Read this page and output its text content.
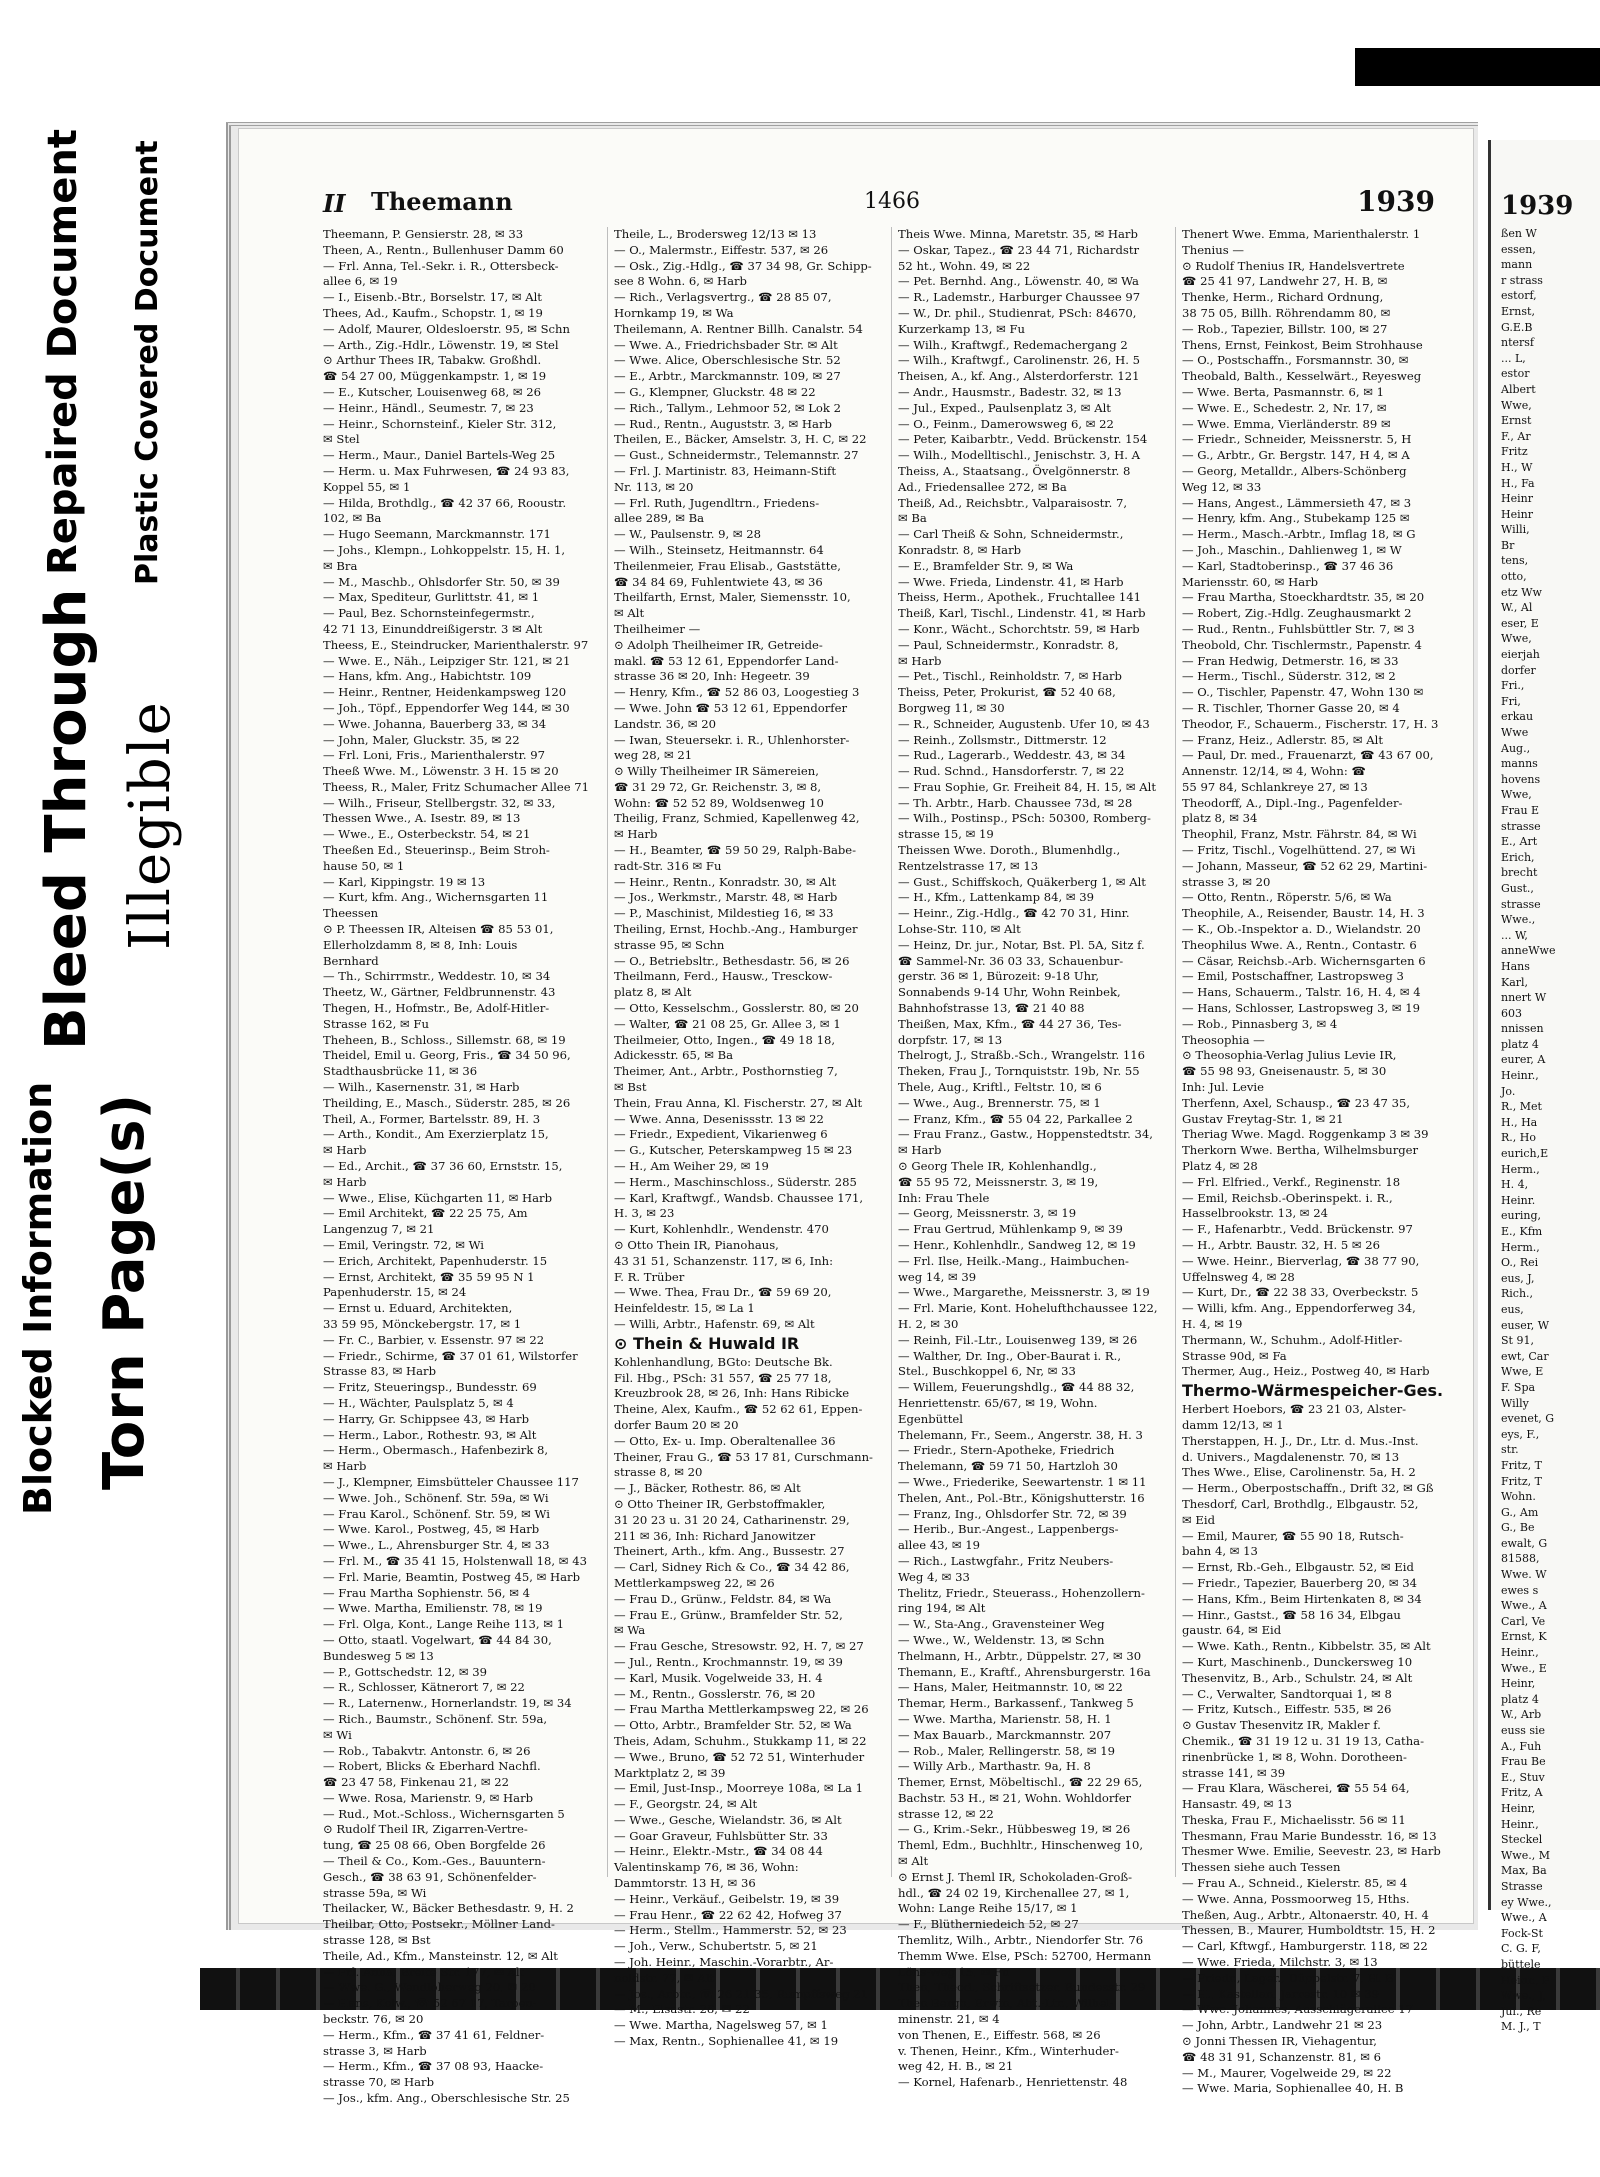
Blocked Information Torn Page(s)
Bleed Through Illegible
Repaired Document Plastic Covered Document	II Theemann	1466	1939
Theemann, P. Gensierstr. 28, ✉ 33
Theen, A., Rentn., Bullenhuser Damm 60
— Frl. Anna, Tel.-Sekr. i. R., Ottersbeck-
allee 6, ✉ 19
— I., Eisenb.-Btr., Borselstr. 17, ✉ Alt
Thees, Ad., Kaufm., Schopstr. 1, ✉ 19
— Adolf, Maurer, Oldesloerstr. 95, ✉ Schn
— Arth., Zig.-Hdlr., Löwenstr. 19, ✉ Stel
⊙ Arthur Thees IR, Tabakw. Großhdl.
☎ 54 27 00, Müggenkampstr. 1, ✉ 19
— E., Kutscher, Louisenweg 68, ✉ 26
— Heinr., Händl., Seumestr. 7, ✉ 23
— Heinr., Schornsteinf., Kieler Str. 312,
✉ Stel
— Herm., Maur., Daniel Bartels-Weg 25
— Herm. u. Max Fuhrwesen, ☎ 24 93 83,
Koppel 55, ✉ 1
— Hilda, Brothdlg., ☎ 42 37 66, Rooustr.
102, ✉ Ba
— Hugo Seemann, Marckmannstr. 171
— Johs., Klempn., Lohkoppelstr. 15, H. 1,
✉ Bra
— M., Maschb., Ohlsdorfer Str. 50, ✉ 39
— Max, Spediteur, Gurlittstr. 41, ✉ 1
— Paul, Bez. Schornsteinfegermstr.,
42 71 13, Einunddreißigerstr. 3 ✉ Alt
Theess, E., Steindrucker, Marienthalerstr. 97
— Wwe. E., Näh., Leipziger Str. 121, ✉ 21
— Hans, kfm. Ang., Habichtstr. 109
— Heinr., Rentner, Heidenkampsweg 120
— Joh., Töpf., Eppendorfer Weg 144, ✉ 30
— Wwe. Johanna, Bauerberg 33, ✉ 34
— John, Maler, Gluckstr. 35, ✉ 22
— Frl. Loni, Fris., Marienthalerstr. 97
Theeß Wwe. M., Löwenstr. 3 H. 15 ✉ 20
Theess, R., Maler, Fritz Schumacher Allee 71
— Wilh., Friseur, Stellbergstr. 32, ✉ 33,
Thessen Wwe., A. Isestr. 89, ✉ 13
— Wwe., E., Osterbeckstr. 54, ✉ 21
Theeßen Ed., Steuerinsp., Beim Stroh-
hause 50, ✉ 1
— Karl, Kippingstr. 19 ✉ 13
— Kurt, kfm. Ang., Wichernsgarten 11
Theessen
⊙ P. Theessen IR, Alteisen ☎ 85 53 01,
Ellerholzdamm 8, ✉ 8, Inh: Louis
Bernhard
— Th., Schirrmstr., Weddestr. 10, ✉ 34
Theetz, W., Gärtner, Feldbrunnenstr. 43
Thegen, H., Hofmstr., Be, Adolf-Hitler-
Strasse 162, ✉ Fu
Theheen, B., Schloss., Sillemstr. 68, ✉ 19
Theidel, Emil u. Georg, Fris., ☎ 34 50 96,
Stadthausbrücke 11, ✉ 36
— Wilh., Kasernenstr. 31, ✉ Harb
Theilding, E., Masch., Süderstr. 285, ✉ 26
Theil, A., Former, Bartelsstr. 89, H. 3
— Arth., Kondit., Am Exerzierplatz 15,
✉ Harb
— Ed., Archit., ☎ 37 36 60, Ernststr. 15,
✉ Harb
— Wwe., Elise, Küchgarten 11, ✉ Harb
— Emil Architekt, ☎ 22 25 75, Am
Langenzug 7, ✉ 21
— Emil, Veringstr. 72, ✉ Wi
— Erich, Architekt, Papenhuderstr. 15
— Ernst, Architekt, ☎ 35 59 95 N 1
Papenhuderstr. 15, ✉ 24
— Ernst u. Eduard, Architekten,
33 59 95, Mönckebergstr. 17, ✉ 1
— Fr. C., Barbier, v. Essenstr. 97 ✉ 22
— Friedr., Schirme, ☎ 37 01 61, Wilstorfer
Strasse 83, ✉ Harb
— Fritz, Steueringsp., Bundesstr. 69
— H., Wächter, Paulsplatz 5, ✉ 4
— Harry, Gr. Schippsee 43, ✉ Harb
— Herm., Labor., Rothestr. 93, ✉ Alt
— Herm., Obermasch., Hafenbezirk 8,
✉ Harb
— J., Klempner, Eimsbütteler Chaussee 117
— Wwe. Joh., Schönenf. Str. 59a, ✉ Wi
— Frau Karol., Schönenf. Str. 59, ✉ Wi
— Wwe. Karol., Postweg, 45, ✉ Harb
— Wwe., L., Ahrensburger Str. 4, ✉ 33
— Frl. M., ☎ 35 41 15, Holstenwall 18, ✉ 43
— Frl. Marie, Beamtin, Postweg 45, ✉ Harb
— Frau Martha Sophienstr. 56, ✉ 4
— Wwe. Martha, Emilienstr. 78, ✉ 19
— Frl. Olga, Kont., Lange Reihe 113, ✉ 1
— Otto, staatl. Vogelwart, ☎ 44 84 30,
Bundesweg 5 ✉ 13
— P., Gottschedstr. 12, ✉ 39
— R., Schlosser, Kätnerort 7, ✉ 22
— R., Laternenw., Hornerlandstr. 19, ✉ 34
— Rich., Baumstr., Schönenf. Str. 59a,
✉ Wi
— Rob., Tabakvtr. Antonstr. 6, ✉ 26
— Robert, Blicks & Eberhard Nachfl.
☎ 23 47 58, Finkenau 21, ✉ 22
— Wwe. Rosa, Marienstr. 9, ✉ Harb
— Rud., Mot.-Schloss., Wichernsgarten 5
⊙ Rudolf Theil IR, Zigarren-Vertre-
tung, ☎ 25 08 66, Oben Borgfelde 26
— Theil & Co., Kom.-Ges., Bauuntern-
Gesch., ☎ 38 63 91, Schönenfelder-
strasse 59a, ✉ Wi
Theilacker, W., Bäcker Bethesdastr. 9, H. 2
Theilbar, Otto, Postsekr., Möllner Land-
strasse 128, ✉ Bst
Theile, Ad., Kfm., Mansteinstr. 12, ✉ Alt
— Frl. Anna, Breite Str. 177, ✉ Alt
— Wwe. G., Wendloherweg 20, ✉ 20
— Hans, Kolw., ☎ 52 67 17, Tarpen-
beckstr. 76, ✉ 20
— Herm., Kfm., ☎ 37 41 61, Feldner-
strasse 3, ✉ Harb
— Herm., Kfm., ☎ 37 08 93, Haacke-
strasse 70, ✉ Harb
— Jos., kfm. Ang., Oberschlesische Str. 25
Theile, L., Brodersweg 12/13 ✉ 13
— O., Malermstr., Eiffestr. 537, ✉ 26
— Osk., Zig.-Hdlg., ☎ 37 34 98, Gr. Schipp-
see 8 Wohn. 6, ✉ Harb
— Rich., Verlagsvertrg., ☎ 28 85 07,
Hornkamp 19, ✉ Wa
Theilemann, A. Rentner Billh. Canalstr. 54
— Wwe. A., Friedrichsbader Str. ✉ Alt
— Wwe. Alice, Oberschlesische Str. 52
— E., Arbtr., Marckmannstr. 109, ✉ 27
— G., Klempner, Gluckstr. 48 ✉ 22
— Rich., Tallym., Lehmoor 52, ✉ Lok 2
— Rud., Rentn., Auguststr. 3, ✉ Harb
Theilen, E., Bäcker, Amselstr. 3, H. C, ✉ 22
— Gust., Schneidermstr., Telemannstr. 27
— Frl. J. Martinistr. 83, Heimann-Stift
Nr. 113, ✉ 20
— Frl. Ruth, Jugendltrn., Friedens-
allee 289, ✉ Ba
— W., Paulsenstr. 9, ✉ 28
— Wilh., Steinsetz, Heitmannstr. 64
Theilenmeier, Frau Elisab., Gaststätte,
☎ 34 84 69, Fuhlentwiete 43, ✉ 36
Theilfarth, Ernst, Maler, Siemensstr. 10,
✉ Alt
Theilheimer —
⊙ Adolph Theilheimer IR, Getreide-
makl. ☎ 53 12 61, Eppendorfer Land-
strasse 36 ✉ 20, Inh: Hegeetr. 39
— Henry, Kfm., ☎ 52 86 03, Loogestieg 3
— Wwe. John ☎ 53 12 61, Eppendorfer
Landstr. 36, ✉ 20
— Iwan, Steuersekr. i. R., Uhlenhorster-
weg 28, ✉ 21
⊙ Willy Theilheimer IR Sämereien,
☎ 31 29 72, Gr. Reichenstr. 3, ✉ 8,
Wohn: ☎ 52 52 89, Woldsenweg 10
Theilig, Franz, Schmied, Kapellenweg 42,
✉ Harb
— H., Beamter, ☎ 59 50 29, Ralph-Babe-
radt-Str. 316 ✉ Fu
— Heinr., Rentn., Konradstr. 30, ✉ Alt
— Jos., Werkmstr., Marstr. 48, ✉ Harb
— P., Maschinist, Mildestieg 16, ✉ 33
Theiling, Ernst, Hochb.-Ang., Hamburger
strasse 95, ✉ Schn
— O., Betriebsltr., Bethesdastr. 56, ✉ 26
Theilmann, Ferd., Hausw., Tresckow-
platz 8, ✉ Alt
— Otto, Kesselschm., Gosslerstr. 80, ✉ 20
— Walter, ☎ 21 08 25, Gr. Allee 3, ✉ 1
Theilmeier, Otto, Ingen., ☎ 49 18 18,
Adickesstr. 65, ✉ Ba
Theimer, Ant., Arbtr., Posthornstieg 7,
✉ Bst
Thein, Frau Anna, Kl. Fischerstr. 27, ✉ Alt
— Wwe. Anna, Desenissstr. 13 ✉ 22
— Friedr., Expedient, Vikarienweg 6
— G., Kutscher, Peterskampweg 15 ✉ 23
— H., Am Weiher 29, ✉ 19
— Herm., Maschinschloss., Süderstr. 285
— Karl, Kraftwgf., Wandsb. Chaussee 171,
H. 3, ✉ 23
— Kurt, Kohlenhdlr., Wendenstr. 470
⊙ Otto Thein IR, Pianohaus,
43 31 51, Schanzenstr. 117, ✉ 6, Inh:
F. R. Trüber
— Wwe. Thea, Frau Dr., ☎ 59 69 20,
Heinfeldestr. 15, ✉ La 1
— Willi, Arbtr., Hafenstr. 69, ✉ Alt
⊙ Thein & Huwald IR
Kohlenhandlung, BGto: Deutsche Bk.
Fil. Hbg., PSch: 31 557, ☎ 25 77 18,
Kreuzbrook 28, ✉ 26, Inh: Hans Ribicke
Theine, Alex, Kaufm., ☎ 52 62 61, Eppen-
dorfer Baum 20 ✉ 20
— Otto, Ex- u. Imp. Oberaltenallee 36
Theiner, Frau G., ☎ 53 17 81, Curschmann-
strasse 8, ✉ 20
— J., Bäcker, Rothestr. 86, ✉ Alt
⊙ Otto Theiner IR, Gerbstoffmakler,
31 20 23 u. 31 20 24, Catharinenstr. 29,
211 ✉ 36, Inh: Richard Janowitzer
Theinert, Arth., kfm. Ang., Bussestr. 27
— Carl, Sidney Rich & Co., ☎ 34 42 86,
Mettlerkampsweg 22, ✉ 26
— Frau D., Grünw., Feldstr. 84, ✉ Wa
— Frau E., Grünw., Bramfelder Str. 52,
✉ Wa
— Frau Gesche, Stresowstr. 92, H. 7, ✉ 27
— Jul., Rentn., Krochmannstr. 19, ✉ 39
— Karl, Musik. Vogelweide 33, H. 4
— M., Rentn., Gosslerstr. 76, ✉ 20
— Frau Martha Mettlerkampsweg 22, ✉ 26
— Otto, Arbtr., Bramfelder Str. 52, ✉ Wa
Theis, Adam, Schuhm., Stukkamp 11, ✉ 22
— Wwe., Bruno, ☎ 52 72 51, Winterhuder
Marktplatz 2, ✉ 39
— Emil, Just-Insp., Moorreye 108a, ✉ La 1
— F., Georgstr. 24, ✉ Alt
— Wwe., Gesche, Wielandstr. 36, ✉ Alt
— Goar Graveur, Fuhlsbütter Str. 33
— Heinr., Elektr.-Mstr., ☎ 34 08 44
Valentinskamp 76, ✉ 36, Wohn:
Dammtorstr. 13 H, ✉ 36
— Heinr., Verkäuf., Geibelstr. 19, ✉ 39
— Frau Henr., ☎ 22 62 42, Hofweg 37
— Herm., Stellm., Hammerstr. 52, ✉ 23
— Joh., Verw., Schubertstr. 5, ✉ 21
— Joh. Heinr., Maschin.-Vorarbtr., Ar-
noldstr. 77, ✉ Alt
— Jos., Arbtr., ☎ 26 21 35, Rumpffsweg 21
— M., Elsastr. 28, ✉ 22
— Wwe. Martha, Nagelsweg 57, ✉ 1
— Max, Rentn., Sophienallee 41, ✉ 19
Theis Wwe. Minna, Maretstr. 35, ✉ Harb
— Oskar, Tapez., ☎ 23 44 71, Richardstr
52 ht., Wohn. 49, ✉ 22
— Pet. Bernhd. Ang., Löwenstr. 40, ✉ Wa
— R., Lademstr., Harburger Chaussee 97
— W., Dr. phil., Studienrat, PSch: 84670,
Kurzerkamp 13, ✉ Fu
— Wilh., Kraftwgf., Redemachergang 2
— Wilh., Kraftwgf., Carolinenstr. 26, H. 5
Theisen, A., kf. Ang., Alsterdorferstr. 121
— Andr., Hausmstr., Badestr. 32, ✉ 13
— Jul., Exped., Paulsenplatz 3, ✉ Alt
— O., Feinm., Damerowsweg 6, ✉ 22
— Peter, Kaibarbtr., Vedd. Brückenstr. 154
— Wilh., Modelltischl., Jenischstr. 3, H. A
Theiss, A., Staatsang., Övelgönnerstr. 8
Ad., Friedensallee 272, ✉ Ba
Theiß, Ad., Reichsbtr., Valparaisostr. 7,
✉ Ba
— Carl Theiß & Sohn, Schneidermstr.,
Konradstr. 8, ✉ Harb
— E., Bramfelder Str. 9, ✉ Wa
— Wwe. Frieda, Lindenstr. 41, ✉ Harb
Theiss, Herm., Apothek., Fruchtallee 141
Theiß, Karl, Tischl., Lindenstr. 41, ✉ Harb
— Konr., Wächt., Schorchtstr. 59, ✉ Harb
— Paul, Schneidermstr., Konradstr. 8,
✉ Harb
— Pet., Tischl., Reinholdstr. 7, ✉ Harb
Theiss, Peter, Prokurist, ☎ 52 40 68,
Borgweg 11, ✉ 30
— R., Schneider, Augustenb. Ufer 10, ✉ 43
— Reinh., Zollsmstr., Dittmerstr. 12
— Rud., Lagerarb., Weddestr. 43, ✉ 34
— Rud. Schnd., Hansdorferstr. 7, ✉ 22
— Frau Sophie, Gr. Freiheit 84, H. 15, ✉ Alt
— Th. Arbtr., Harb. Chaussee 73d, ✉ 28
— Wilh., Postinsp., PSch: 50300, Romberg-
strasse 15, ✉ 19
Theissen Wwe. Doroth., Blumenhdlg.,
Rentzelstrasse 17, ✉ 13
— Gust., Schiffskoch, Quäkerberg 1, ✉ Alt
— H., Kfm., Lattenkamp 84, ✉ 39
— Heinr., Zig.-Hdlg., ☎ 42 70 31, Hinr.
Lohse-Str. 110, ✉ Alt
— Heinz, Dr. jur., Notar, Bst. Pl. 5A, Sitz f.
☎ Sammel-Nr. 36 03 33, Schauenbur-
gerstr. 36 ✉ 1, Bürozeit: 9-18 Uhr,
Sonnabends 9-14 Uhr, Wohn Reinbek,
Bahnhofstrasse 13, ☎ 21 40 88
Theißen, Max, Kfm., ☎ 44 27 36, Tes-
dorpfstr. 17, ✉ 13
Thelrogt, J., Straßb.-Sch., Wrangelstr. 116
Theken, Frau J., Tornquiststr. 19b, Nr. 55
Thele, Aug., Kriftl., Feltstr. 10, ✉ 6
— Wwe., Aug., Brennerstr. 75, ✉ 1
— Franz, Kfm., ☎ 55 04 22, Parkallee 2
— Frau Franz., Gastw., Hoppenstedtstr. 34,
✉ Harb
⊙ Georg Thele IR, Kohlenhandlg.,
☎ 55 95 72, Meissnerstr. 3, ✉ 19,
Inh: Frau Thele
— Georg, Meissnerstr. 3, ✉ 19
— Frau Gertrud, Mühlenkamp 9, ✉ 39
— Henr., Kohlenhdlr., Sandweg 12, ✉ 19
— Frl. Ilse, Heilk.-Mang., Haimbuchen-
weg 14, ✉ 39
— Wwe., Margarethe, Meissnerstr. 3, ✉ 19
— Frl. Marie, Kont. Hohelufthchaussee 122,
H. 2, ✉ 30
— Reinh, Fil.-Ltr., Louisenweg 139, ✉ 26
— Walther, Dr. Ing., Ober-Baurat i. R.,
Stel., Buschkoppel 6, Nr, ✉ 33
— Willem, Feuerungshdlg., ☎ 44 88 32,
Henriettenstr. 65/67, ✉ 19, Wohn.
Egenbüttel
Thelemann, Fr., Seem., Angerstr. 38, H. 3
— Friedr., Stern-Apotheke, Friedrich
Thelemann, ☎ 59 71 50, Hartzloh 30
— Wwe., Friederike, Seewartenstr. 1 ✉ 11
Thelen, Ant., Pol.-Btr., Königshutterstr. 16
— Franz, Ing., Ohlsdorfer Str. 72, ✉ 39
— Herib., Bur.-Angest., Lappenbergs-
allee 43, ✉ 19
— Rich., Lastwgfahr., Fritz Neubers-
Weg 4, ✉ 33
Thelitz, Friedr., Steuerass., Hohenzollern-
ring 194, ✉ Alt
— W., Sta-Ang., Gravensteiner Weg
— Wwe., W., Weldenstr. 13, ✉ Schn
Thelmann, H., Arbtr., Düppelstr. 27, ✉ 30
Themann, E., Kraftf., Ahrensburgerstr. 16a
— Hans, Maler, Heitmannstr. 10, ✉ 22
Themar, Herm., Barkassenf., Tankweg 5
— Wwe. Martha, Marienstr. 58, H. 1
— Max Bauarb., Marckmannstr. 207
— Rob., Maler, Rellingerstr. 58, ✉ 19
— Willy Arb., Marthastr. 9a, H. 8
Themer, Ernst, Möbeltischl., ☎ 22 29 65,
Bachstr. 53 H., ✉ 21, Wohn. Wohldorfer
strasse 12, ✉ 22
— G., Krim.-Sekr., Hübbesweg 19, ✉ 26
Theml, Edm., Buchhltr., Hinschenweg 10,
✉ Alt
⊙ Ernst J. Theml IR, Schokoladen-Groß-
hdl., ☎ 24 02 19, Kirchenallee 27, ✉ 1,
Wohn: Lange Reihe 15/17, ✉ 1
— F., Blütherniedeich 52, ✉ 27
Themlitz, Wilh., Arbtr., Niendorfer Str. 76
Themm Wwe. Else, PSch: 52700, Hermann
Löns-Weg 15, ✉ Fu
Then, Theod., Schriftsetzer, Bundesstr. 29
Then Bergh, Erwin, Abt.-Ltr., Wilhel-
minenstr. 21, ✉ 4
von Thenen, E., Eiffestr. 568, ✉ 26
v. Thenen, Heinr., Kfm., Winterhuder-
weg 42, H. B., ✉ 21
— Kornel, Hafenarb., Henriettenstr. 48
Thenert Wwe. Emma, Marienthalerstr. 1
Thenius —
⊙ Rudolf Thenius IR, Handelsvertrete
☎ 25 41 97, Landwehr 27, H. B, ✉
Thenke, Herm., Richard Ordnung,
38 75 05, Billh. Röhrendamm 80, ✉
— Rob., Tapezier, Billstr. 100, ✉ 27
Thens, Ernst, Feinkost, Beim Strohhause
— O., Postschaffn., Forsmannstr. 30, ✉
Theobald, Balth., Kesselwärt., Reyesweg
— Wwe. Berta, Pasmannstr. 6, ✉ 1
— Wwe. E., Schedestr. 2, Nr. 17, ✉
— Wwe. Emma, Vierländerstr. 89 ✉
— Friedr., Schneider, Meissnerstr. 5, H
— G., Arbtr., Gr. Bergstr. 147, H 4, ✉ A
— Georg, Metalldr., Albers-Schönberg
Weg 12, ✉ 33
— Hans, Angest., Lämmersieth 47, ✉ 3
— Henry, kfm. Ang., Stubekamp 125 ✉
— Herm., Masch.-Arbtr., Imflag 18, ✉ G
— Joh., Maschin., Dahlienweg 1, ✉ W
— Karl, Stadtoberinsp., ☎ 37 46 36
Mariensstr. 60, ✉ Harb
— Frau Martha, Stoeckhardtstr. 35, ✉ 20
— Robert, Zig.-Hdlg. Zeughausmarkt 2
— Rud., Rentn., Fuhlsbüttler Str. 7, ✉ 3
Theobold, Chr. Tischlermstr., Papenstr. 4
— Fran Hedwig, Detmerstr. 16, ✉ 33
— Herm., Tischl., Süderstr. 312, ✉ 2
— O., Tischler, Papenstr. 47, Wohn 130 ✉
— R. Tischler, Thorner Gasse 20, ✉ 4
Theodor, F., Schauerm., Fischerstr. 17, H. 3
— Franz, Heiz., Adlerstr. 85, ✉ Alt
— Paul, Dr. med., Frauenarzt, ☎ 43 67 00,
Annenstr. 12/14, ✉ 4, Wohn: ☎
55 97 84, Schlankreye 27, ✉ 13
Theodorff, A., Dipl.-Ing., Pagenfelder-
platz 8, ✉ 34
Theophil, Franz, Mstr. Fährstr. 84, ✉ Wi
— Fritz, Tischl., Vogelhüttend. 27, ✉ Wi
— Johann, Masseur, ☎ 52 62 29, Martini-
strasse 3, ✉ 20
— Otto, Rentn., Röperstr. 5/6, ✉ Wa
Theophile, A., Reisender, Baustr. 14, H. 3
— K., Ob.-Inspektor a. D., Wielandstr. 20
Theophilus Wwe. A., Rentn., Contastr. 6
— Cäsar, Reichsb.-Arb. Wichernsgarten 6
— Emil, Postschaffner, Lastropsweg 3
— Hans, Schauerm., Talstr. 16, H. 4, ✉ 4
— Hans, Schlosser, Lastropsweg 3, ✉ 19
— Rob., Pinnasberg 3, ✉ 4
Theosophia —
⊙ Theosophia-Verlag Julius Levie IR,
☎ 55 98 93, Gneisenaustr. 5, ✉ 30
Inh: Jul. Levie
Therfenn, Axel, Schausp., ☎ 23 47 35,
Gustav Freytag-Str. 1, ✉ 21
Theriag Wwe. Magd. Roggenkamp 3 ✉ 39
Therkorn Wwe. Bertha, Wilhelmsburger
Platz 4, ✉ 28
— Frl. Elfried., Verkf., Reginenstr. 18
— Emil, Reichsb.-Oberinspekt. i. R.,
Hasselbrookstr. 13, ✉ 24
— F., Hafenarbtr., Vedd. Brückenstr. 97
— H., Arbtr. Baustr. 32, H. 5 ✉ 26
— Wwe. Heinr., Bierverlag, ☎ 38 77 90,
Uffelnsweg 4, ✉ 28
— Kurt, Dr., ☎ 22 38 33, Overbeckstr. 5
— Willi, kfm. Ang., Eppendorferweg 34,
H. 4, ✉ 19
Thermann, W., Schuhm., Adolf-Hitler-
Strasse 90d, ✉ Fa
Thermer, Aug., Heiz., Postweg 40, ✉ Harb
Thermo-Wärmespeicher-Ges.
Herbert Hoebors, ☎ 23 21 03, Alster-
damm 12/13, ✉ 1
Therstappen, H. J., Dr., Ltr. d. Mus.-Inst.
d. Univers., Magdalenenstr. 70, ✉ 13
Thes Wwe., Elise, Carolinenstr. 5a, H. 2
— Herm., Oberpostschaffn., Drift 32, ✉ Gß
Thesdorf, Carl, Brothdlg., Elbgaustr. 52,
✉ Eid
— Emil, Maurer, ☎ 55 90 18, Rutsch-
bahn 4, ✉ 13
— Ernst, Rb.-Geh., Elbgaustr. 52, ✉ Eid
— Friedr., Tapezier, Bauerberg 20, ✉ 34
— Hans, Kfm., Beim Hirtenkaten 8, ✉ 34
— Hinr., Gastst., ☎ 58 16 34, Elbgau
gaustr. 64, ✉ Eid
— Wwe. Kath., Rentn., Kibbelstr. 35, ✉ Alt
— Kurt, Maschinenb., Dunckersweg 10
Thesenvitz, B., Arb., Schulstr. 24, ✉ Alt
— C., Verwalter, Sandtorquai 1, ✉ 8
— Fritz, Kutsch., Eiffestr. 535, ✉ 26
⊙ Gustav Thesenvitz IR, Makler f.
Chemik., ☎ 31 19 12 u. 31 19 13, Catha-
rinenbrücke 1, ✉ 8, Wohn. Dorotheen-
strasse 141, ✉ 39
— Frau Klara, Wäscherei, ☎ 55 54 64,
Hansastr. 49, ✉ 13
Theska, Frau F., Michaelisstr. 56 ✉ 11
Thesmann, Frau Marie Bundesstr. 16, ✉ 13
Thesmer Wwe. Emilie, Seevestr. 23, ✉ Harb
Thessen siehe auch Tessen
— Frau A., Schneid., Kielerstr. 85, ✉ 4
— Wwe. Anna, Possmoorweg 15, Hths.
Theßen, Aug., Arbtr., Altonaerstr. 40, H. 4
Thessen, B., Maurer, Humboldtstr. 15, H. 2
— Carl, Kftwgf., Hamburgerstr. 118, ✉ 22
— Wwe. Frieda, Milchstr. 3, ✉ 13
— Friedr., Lager., Düppelstr. 7, H. B
— H., Kastellan, Jarrestr. 10 ✉ 39
— Wwe. Johannes, Ausschlägerallee 17
— John, Arbtr., Landwehr 21 ✉ 23
⊙ Jonni Thessen IR, Viehagentur,
☎ 48 31 91, Schanzenstr. 81, ✉ 6
— M., Maurer, Vogelweide 29, ✉ 22
— Wwe. Maria, Sophienallee 40, H. B
1939
ßen W
essen,
mann
r strass
estorf,
Ernst,
G.E.B
ntersf
... L,
estor
Albert
Wwe,
Ernst
F., Ar
Fritz
H., W
H., Fa
Heinr
Heinr
Willi,
Br
tens,
otto,
etz Ww
W., Al
eser, E
Wwe,
eierjah
dorfer
Fri.,
Fri,
erkau
Wwe
Aug.,
manns
hovens
Wwe,
Frau E
strasse
E., Art
Erich,
brecht
Gust.,
strasse
Wwe.,
... W,
anneWwe
Hans
Karl,
nnert W
603
nnissen
platz 4
eurer, A
Heinr.,
Jo.
R., Met
H., Ha
R., Ho
eurich,E
Herm.,
H. 4,
Heinr.
euring,
E., Kfm
Herm.,
O., Rei
eus, J,
Rich.,
eus,
euser, W
St 91,
ewt, Car
Wwe, E
F. Spa
Willy
evenet, G
eys, F.,
str.
Fritz, T
Fritz, T
Wohn.
G., Am
G., Be
ewalt, G
81588,
Wwe. W
ewes s
Wwe., A
Carl, Ve
Ernst, K
Heinr.,
Wwe., E
Heinr,
platz 4
W., Arb
euss sie
A., Fuh
Frau Be
E., Stuv
Fritz, A
Heinr,
Heinr.,
Steckel
Wwe., M
Max, Ba
Strasse
ey Wwe.,
Wwe., A
Fock-St
C. G. F,
büttele
Heinr., F
Wwe., J,
Jul., Re
M. J., T
